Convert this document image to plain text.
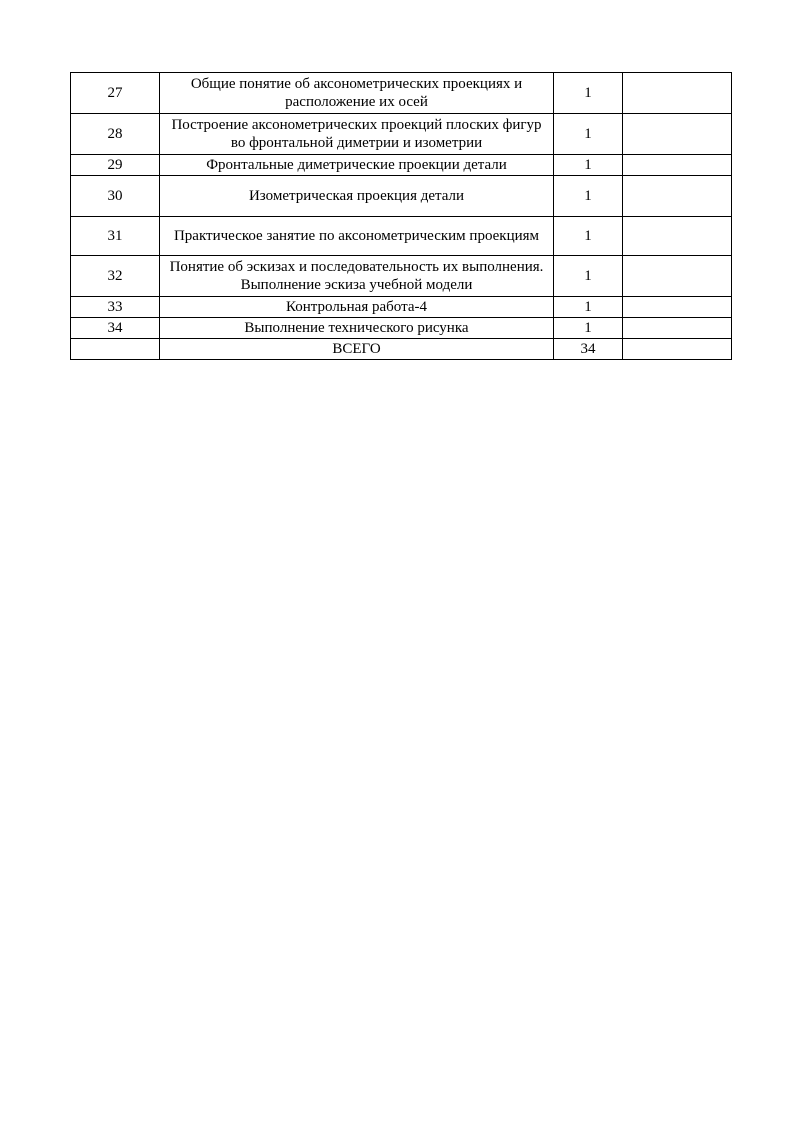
27	Общие понятие об аксонометрических проекциях и расположение их осей	1	
28	Построение аксонометрических проекций плоских фигур во фронтальной диметрии и изометрии	1	
29	Фронтальные диметрические проекции детали	1	
30	Изометрическая проекция детали	1	
31	Практическое занятие по аксонометрическим проекциям	1	
32	Понятие об эскизах и последовательность их выполнения. Выполнение эскиза учебной модели	1	
33	Контрольная работа-4	1	
34	Выполнение технического рисунка	1	
	ВСЕГО	34	
